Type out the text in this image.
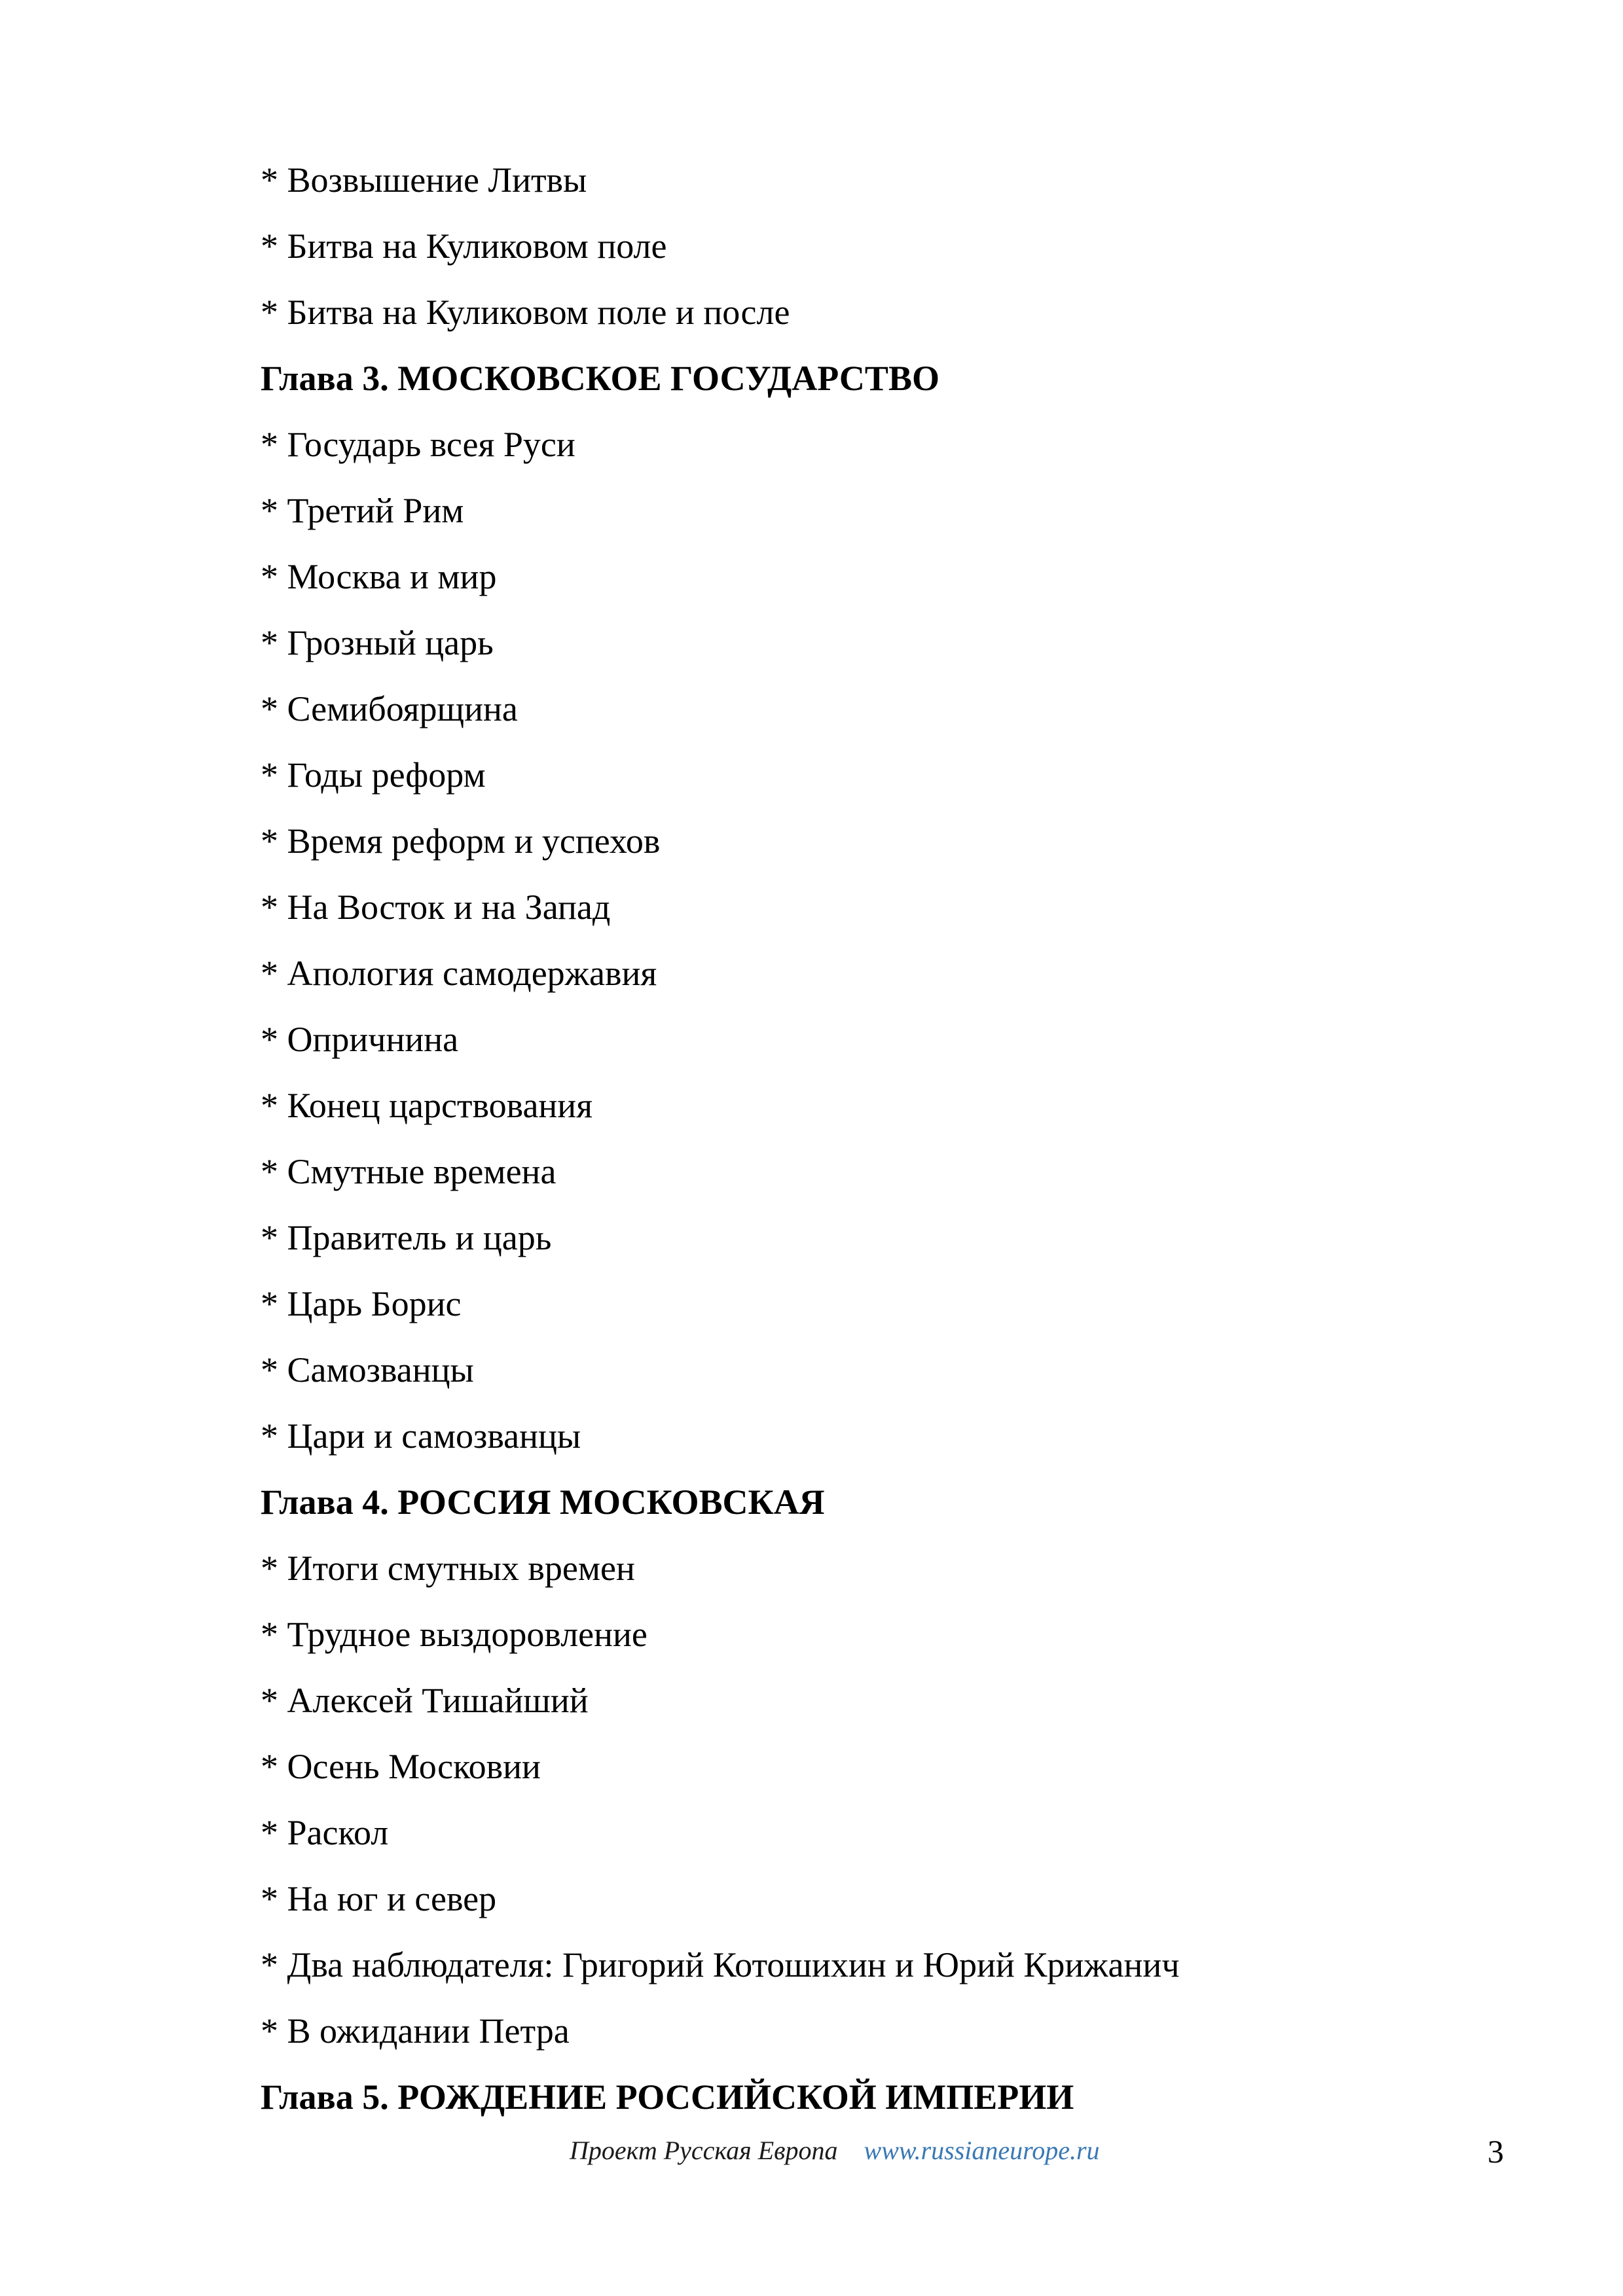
* Возвышение Литвы
* Битва на Куликовом поле
* Битва на Куликовом поле и после
Глава 3. МОСКОВСКОЕ ГОСУДАРСТВО
* Государь всея Руси
* Третий Рим
* Москва и мир
* Грозный царь
* Семибоярщина
* Годы реформ
* Время реформ и успехов
* На Восток и на Запад
* Апология самодержавия
* Опричнина
* Конец царствования
* Смутные времена
* Правитель и царь
* Царь Борис
* Самозванцы
* Цари и самозванцы
Глава 4. РОССИЯ МОСКОВСКАЯ
* Итоги смутных времен
* Трудное выздоровление
* Алексей Тишайший
* Осень Московии
* Раскол
* На юг и север
* Два наблюдателя: Григорий Котошихин и Юрий Крижанич
* В ожидании Петра
Глава 5. РОЖДЕНИЕ РОССИЙСКОЙ ИМПЕРИИ
Проект Русская Европа www.russianeurope.ru	3
